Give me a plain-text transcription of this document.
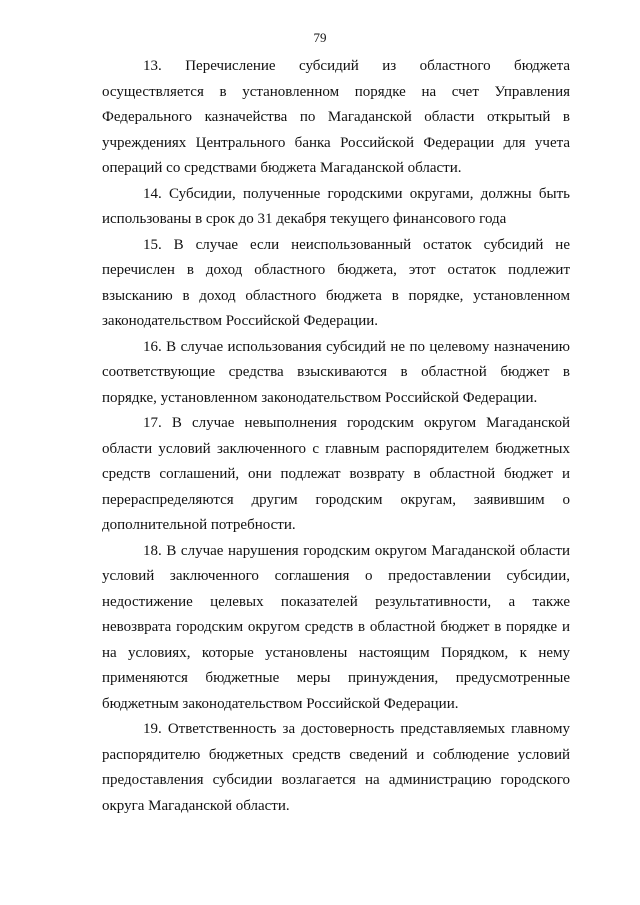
79

13. Перечисление субсидий из областного бюджета осуществляется в установленном порядке на счет Управления Федерального казначейства по Магаданской области открытый в учреждениях Центрального банка Российской Федерации для учета операций со средствами бюджета Магаданской области.

14. Субсидии, полученные городскими округами, должны быть использованы в срок до 31 декабря текущего финансового года

15. В случае если неиспользованный остаток субсидий не перечислен в доход областного бюджета, этот остаток подлежит взысканию в доход областного бюджета в порядке, установленном законодательством Российской Федерации.

16. В случае использования субсидий не по целевому назначению соответствующие средства взыскиваются в областной бюджет в порядке, установленном законодательством Российской Федерации.

17. В случае невыполнения городским округом Магаданской области условий заключенного с главным распорядителем бюджетных средств соглашений, они подлежат возврату в областной бюджет и перераспределяются другим городским округам, заявившим о дополнительной потребности.

18. В случае нарушения городским округом Магаданской области условий заключенного соглашения о предоставлении субсидии, недостижение целевых показателей результативности, а также невозврата городским округом средств в областной бюджет в порядке и на условиях, которые установлены настоящим Порядком, к нему применяются бюджетные меры принуждения, предусмотренные бюджетным законодательством Российской Федерации.

19. Ответственность за достоверность представляемых главному распорядителю бюджетных средств сведений и соблюдение условий предоставления субсидии возлагается на администрацию городского округа Магаданской области.
